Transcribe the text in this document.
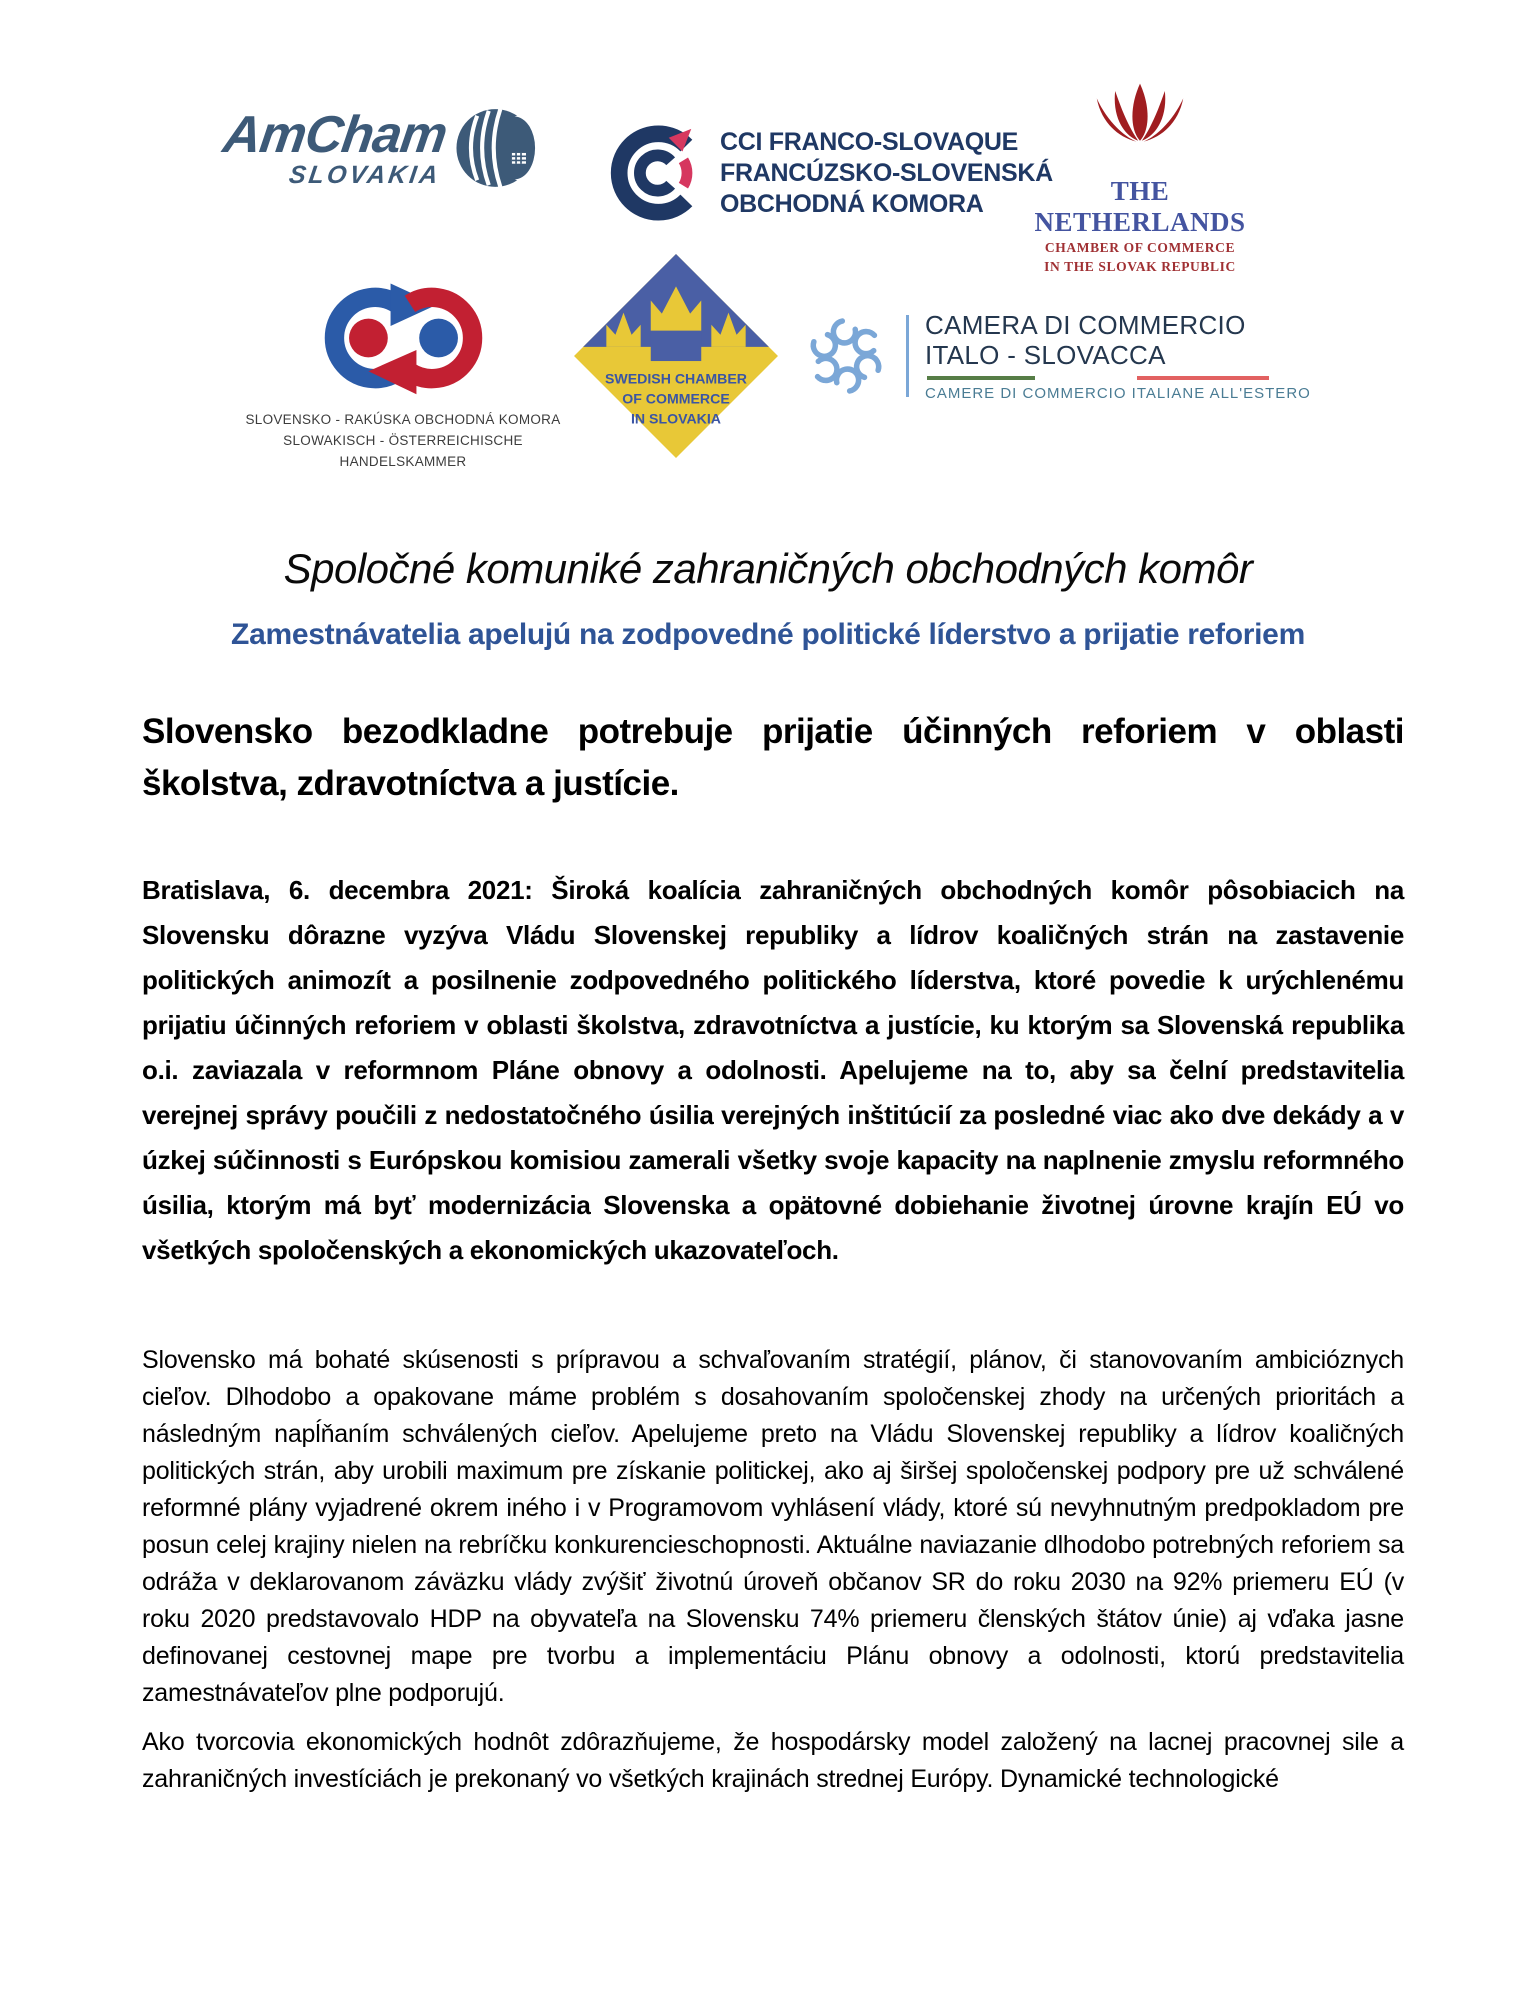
AmCham
SLOVAKIA
CCI FRANCO-SLOVAQUE
FRANCÚZSKO-SLOVENSKÁ
OBCHODNÁ KOMORA	THE NETHERLANDS
CHAMBER OF COMMERCE
IN THE SLOVAK REPUBLIC
SLOVENSKO - RAKÚSKA OBCHODNÁ KOMORA
SLOWAKISCH - ÖSTERREICHISCHE HANDELSKAMMER
SWEDISH CHAMBER
OF COMMERCE
IN SLOVAKIA
CAMERA DI COMMERCIO
ITALO - SLOVACCA
CAMERE DI COMMERCIO ITALIANE ALL'ESTERO
Spoločné komuniké zahraničných obchodných komôr
Zamestnávatelia apelujú na zodpovedné politické líderstvo a prijatie reforiem
Slovensko bezodkladne potrebuje prijatie účinných reforiem v oblasti
školstva, zdravotníctva a justície.
Bratislava, 6. decembra 2021: Široká koalícia zahraničných obchodných komôr pôsobiacich na Slovensku dôrazne vyzýva Vládu Slovenskej republiky a lídrov koaličných strán na zastavenie politických animozít a posilnenie zodpovedného politického líderstva, ktoré povedie k urýchlenému prijatiu účinných reforiem v oblasti školstva, zdravotníctva a justície, ku ktorým sa Slovenská republika o.i. zaviazala v reformnom Pláne obnovy a odolnosti. Apelujeme na to, aby sa čelní predstavitelia verejnej správy poučili z nedostatočného úsilia verejných inštitúcií za posledné viac ako dve dekády a v úzkej súčinnosti s Európskou komisiou zamerali všetky svoje kapacity na naplnenie zmyslu reformného úsilia, ktorým má byť modernizácia Slovenska a opätovné dobiehanie životnej úrovne krajín EÚ vo všetkých spoločenských a ekonomických ukazovateľoch.
Slovensko má bohaté skúsenosti s prípravou a schvaľovaním stratégií, plánov, či stanovovaním ambicióznych cieľov. Dlhodobo a opakovane máme problém s dosahovaním spoločenskej zhody na určených prioritách a následným napĺňaním schválených cieľov. Apelujeme preto na Vládu Slovenskej republiky a lídrov koaličných politických strán, aby urobili maximum pre získanie politickej, ako aj širšej spoločenskej podpory pre už schválené reformné plány vyjadrené okrem iného i v Programovom vyhlásení vlády, ktoré sú nevyhnutným predpokladom pre posun celej krajiny nielen na rebríčku konkurencieschopnosti. Aktuálne naviazanie dlhodobo potrebných reforiem sa odráža v deklarovanom záväzku vlády zvýšiť životnú úroveň občanov SR do roku 2030 na 92% priemeru EÚ (v roku 2020 predstavovalo HDP na obyvateľa na Slovensku 74% priemeru členských štátov únie) aj vďaka jasne definovanej cestovnej mape pre tvorbu a implementáciu Plánu obnovy a odolnosti, ktorú predstavitelia zamestnávateľov plne podporujú.
Ako tvorcovia ekonomických hodnôt zdôrazňujeme, že hospodársky model založený na lacnej pracovnej sile a zahraničných investíciách je prekonaný vo všetkých krajinách strednej Európy. Dynamické technologické
